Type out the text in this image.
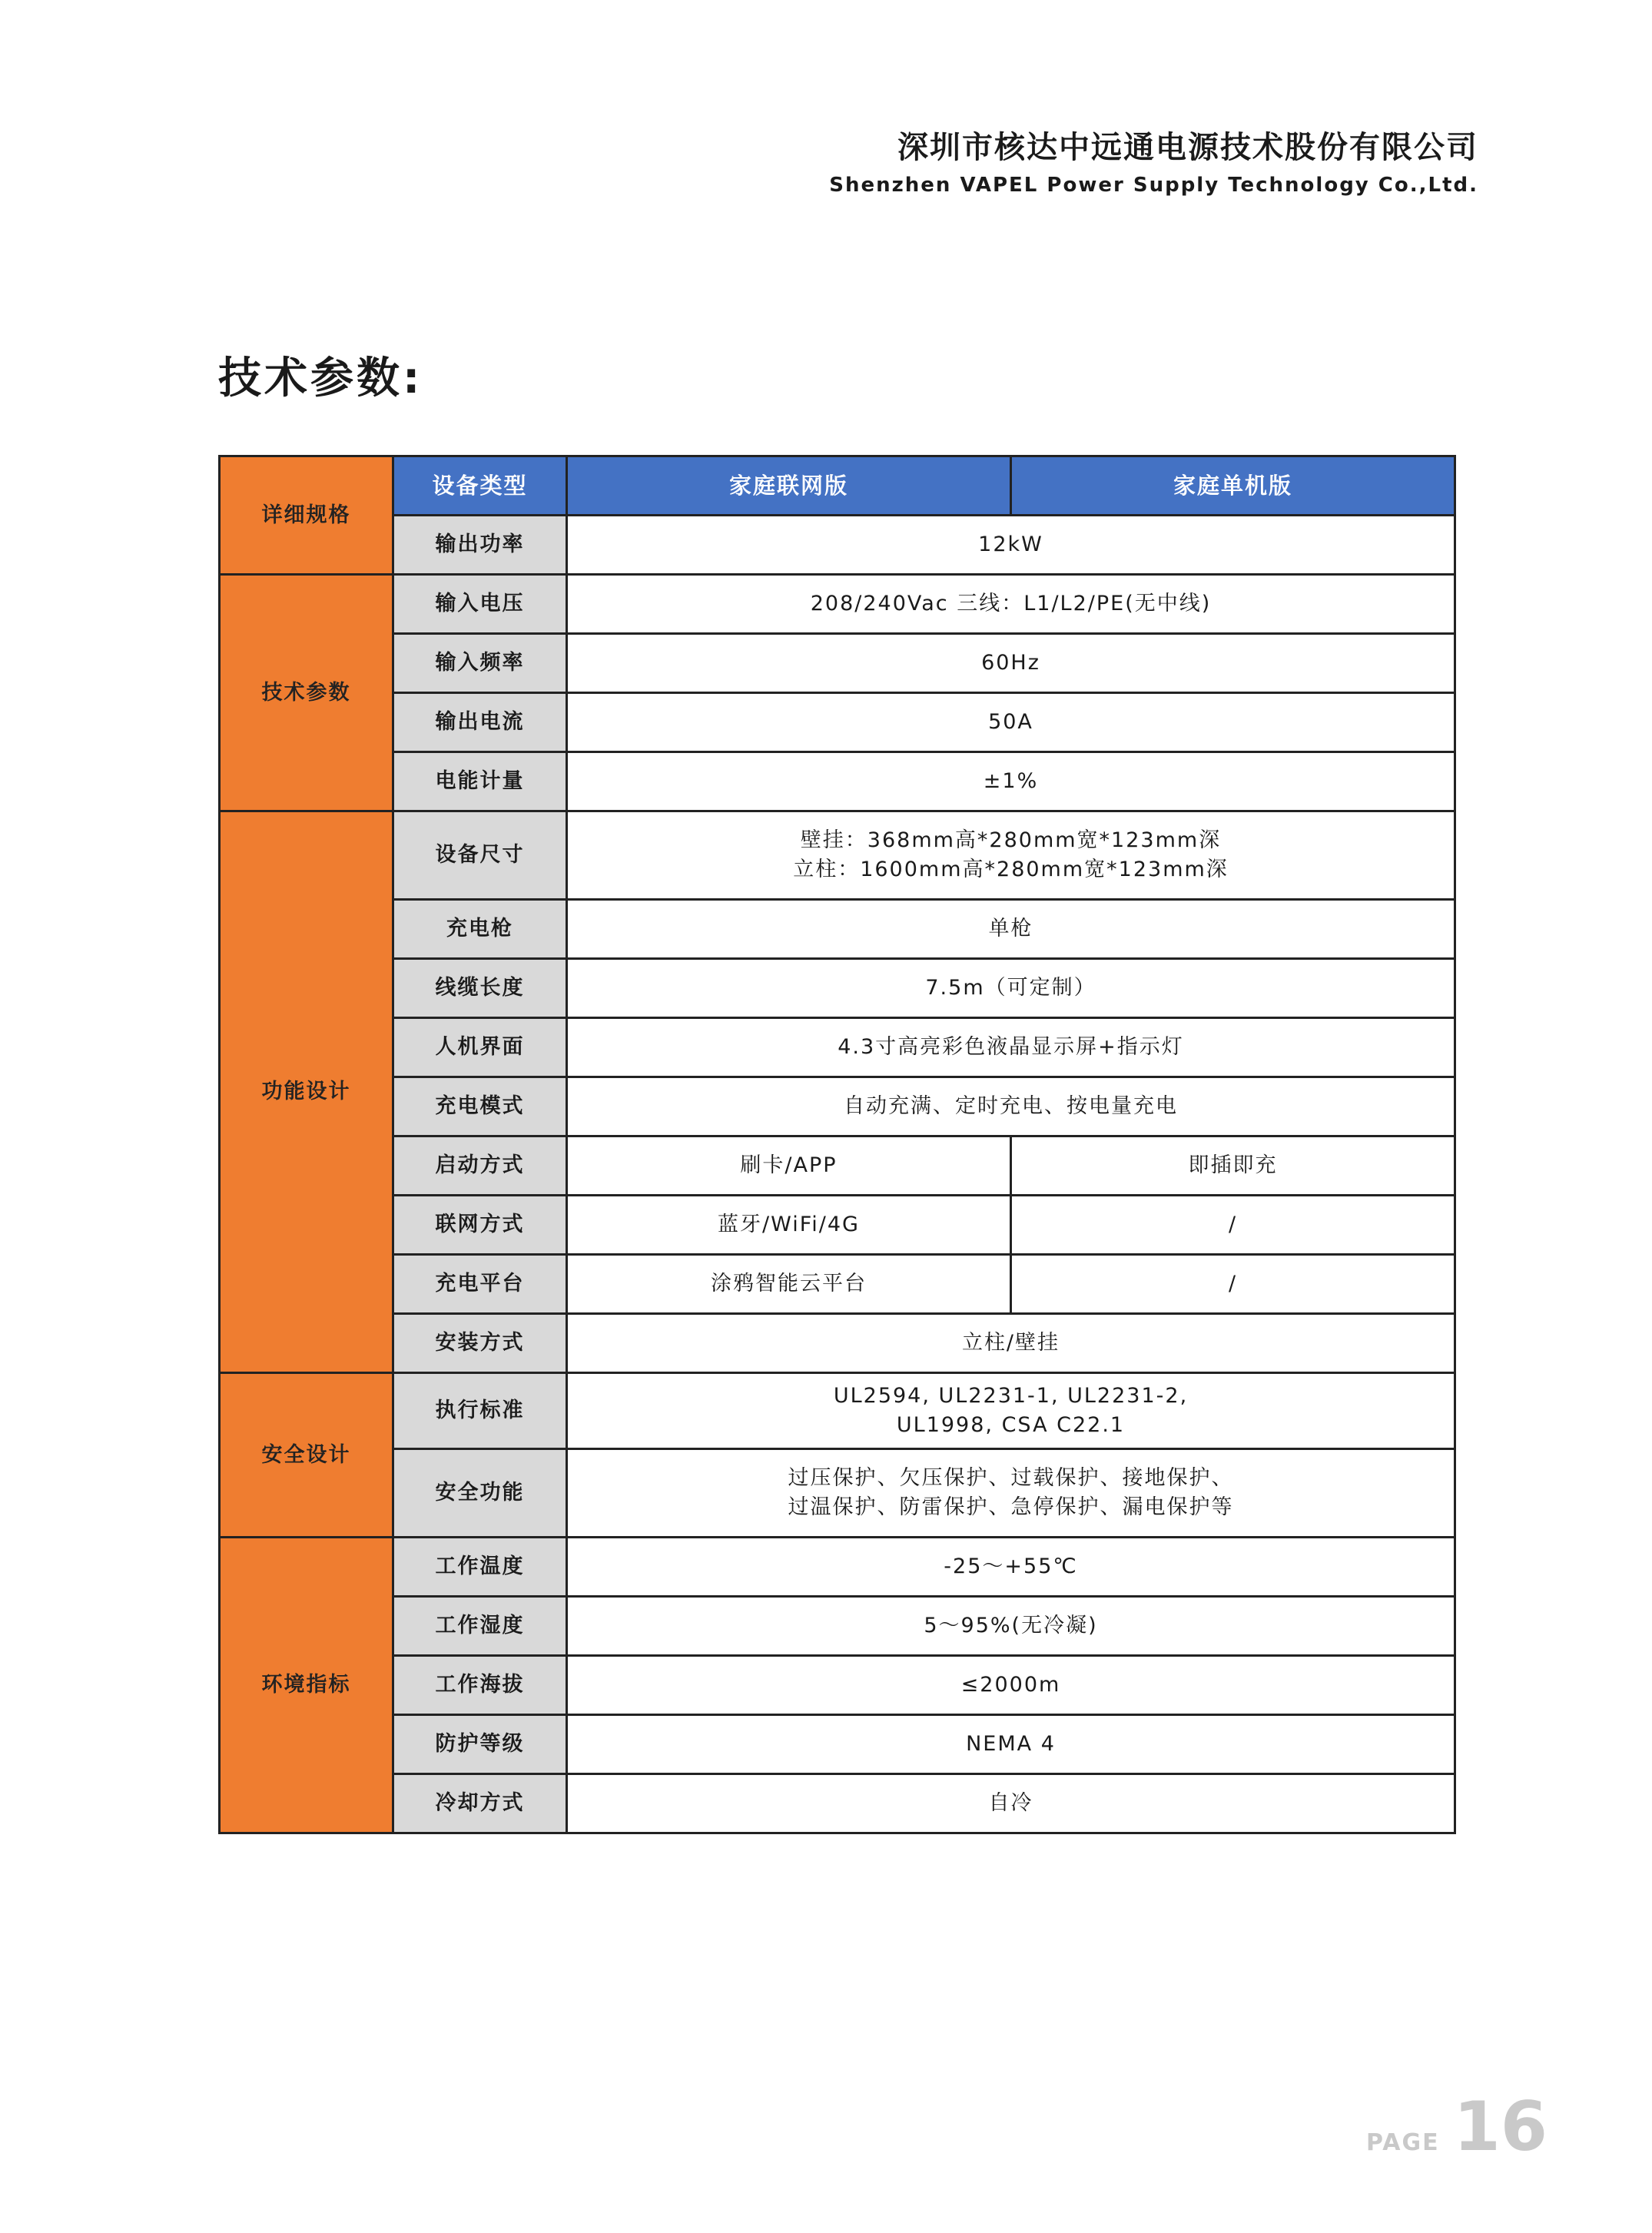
深圳市核达中远通电源技术股份有限公司
Shenzhen VAPEL Power Supply Technology Co.,Ltd.
技术参数:
详细规格	设备类型	家庭联网版	家庭单机版
	输出功率	12kW	
技术参数	输入电压	208/240Vac 三线：L1/L2/PE(无中线)	
	输入频率	60Hz	
	输出电流	50A	
	电能计量	±1%	
功能设计	设备尺寸	壁挂：368mm高*280mm宽*123mm深
立柱：1600mm高*280mm宽*123mm深	

	充电枪	单枪	
	线缆长度	7.5m（可定制）	
	人机界面	4.3寸高亮彩色液晶显示屏+指示灯	
	充电模式	自动充满、定时充电、按电量充电	
	启动方式	刷卡/APP	即插即充
	联网方式	蓝牙/WiFi/4G	/
	充电平台	涂鸦智能云平台	/
	安装方式	立柱/壁挂	
安全设计	执行标准	UL2594, UL2231-1, UL2231-2,
UL1998, CSA C22.1	

	安全功能	过压保护、欠压保护、过载保护、接地保护、
过温保护、防雷保护、急停保护、漏电保护等	

环境指标	工作温度	-25～+55℃	
	工作湿度	5～95%(无冷凝)	
	工作海拔	≤2000m	
	防护等级	NEMA 4	
	冷却方式	自冷	
PAGE 16
